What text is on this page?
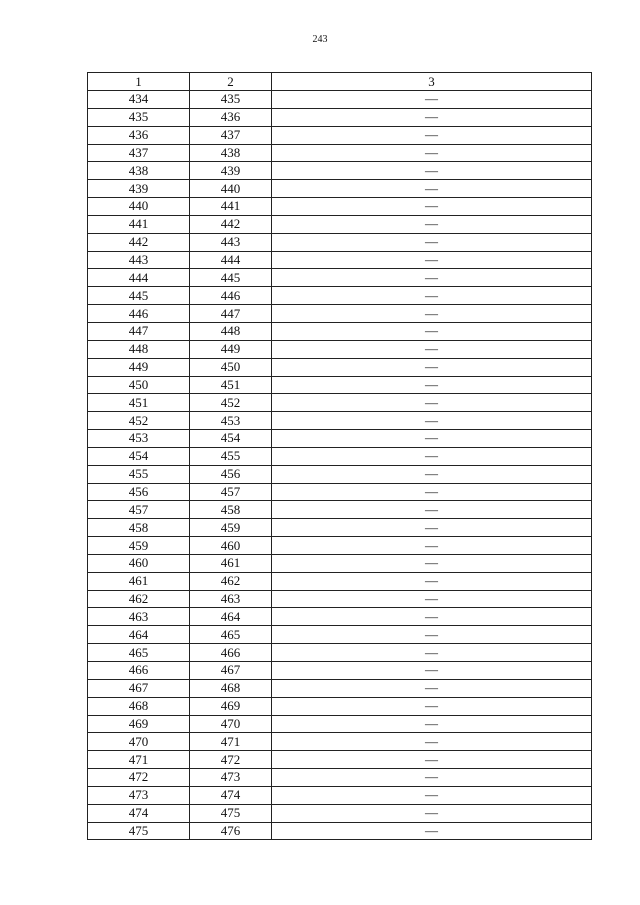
243
1	2	3
434	435	—
435	436	—
436	437	—
437	438	—
438	439	—
439	440	—
440	441	—
441	442	—
442	443	—
443	444	—
444	445	—
445	446	—
446	447	—
447	448	—
448	449	—
449	450	—
450	451	—
451	452	—
452	453	—
453	454	—
454	455	—
455	456	—
456	457	—
457	458	—
458	459	—
459	460	—
460	461	—
461	462	—
462	463	—
463	464	—
464	465	—
465	466	—
466	467	—
467	468	—
468	469	—
469	470	—
470	471	—
471	472	—
472	473	—
473	474	—
474	475	—
475	476	—
